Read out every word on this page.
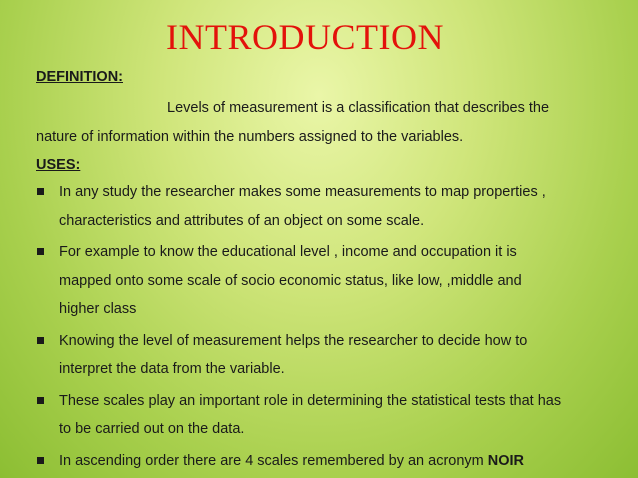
INTRODUCTION

DEFINITION:

Levels of measurement is a classification that describes the
nature of information within the numbers assigned to the variables.

USES:

In any study the researcher makes some measurements to map properties ,
characteristics and attributes of an object on some scale.
For example to know the educational level , income and occupation it is
mapped onto some scale of socio economic status, like low, ,middle and
higher class
Knowing the level of measurement helps the researcher to decide how to
interpret the data from the variable.
These scales play an important role in determining the statistical tests that has
to be carried out on the data.
In ascending order there are 4 scales remembered by an acronym NOIR
